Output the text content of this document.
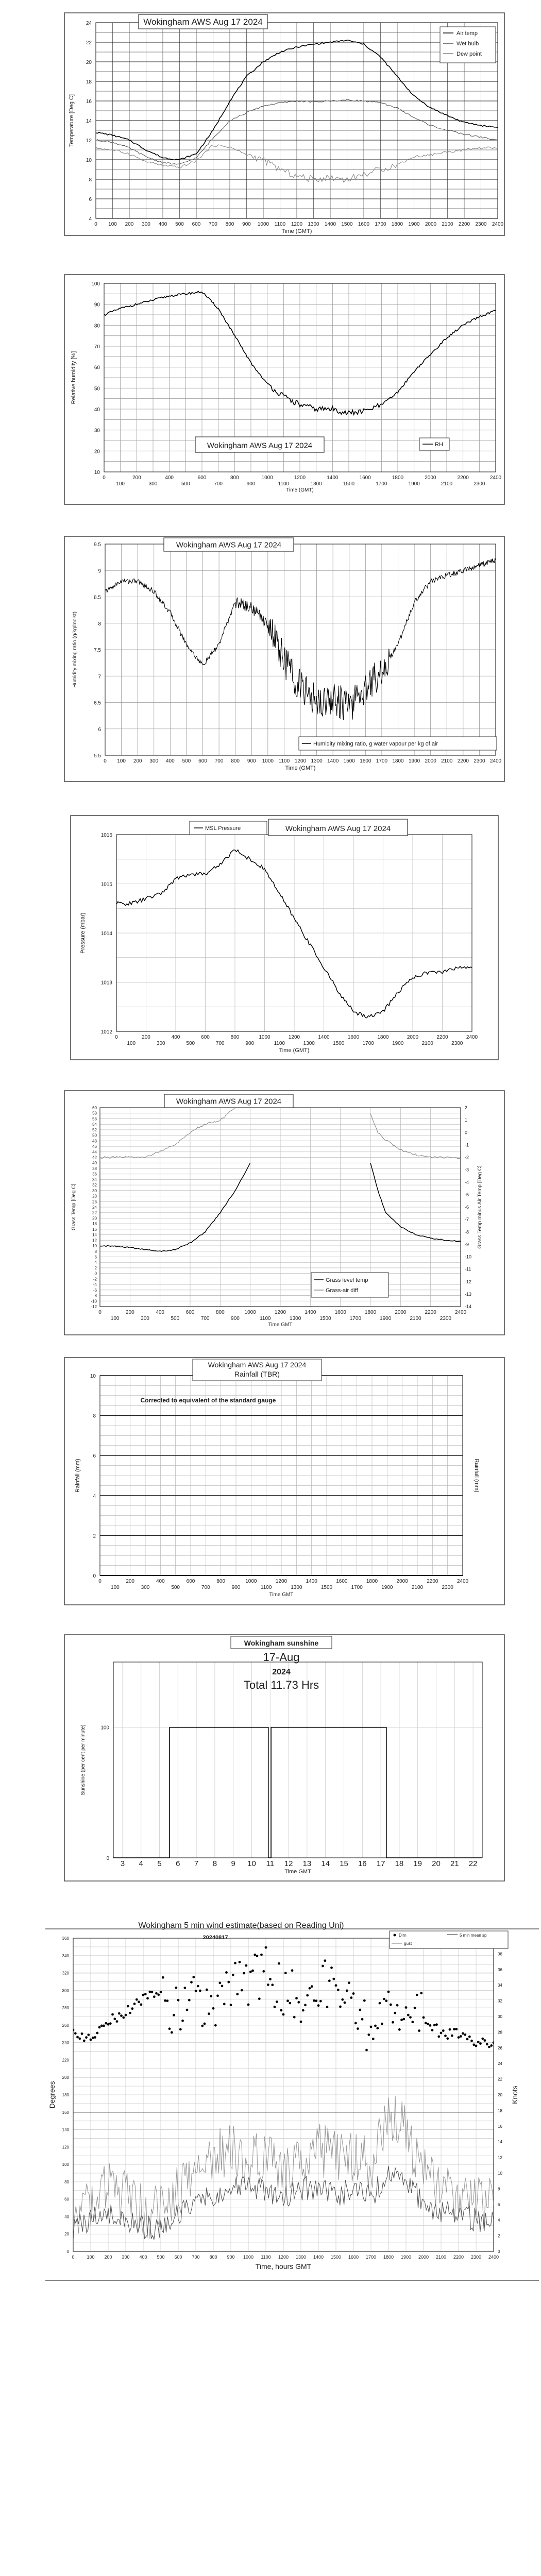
4
6
8
10
12
14
16
18
20
22
24
0 100 200 300 400 500 600 700 800 900 1000 1100 1200 1300 1400 1500 1600 1700 1800 1900 2000 2100 2200 2300 2400
Time (GMT)
Temperature [Deg C]
Wokingham AWS Aug 17 2024
Air temp
Wet bulb
Dew point
10
20
30
40
50
60
70
80
90
100
0	200	400	600	800	1000	1200	1400	1600	1800	2000	2200	2400
100	300	500	700	900	1100	1300	1500	1700	1900	2100	2300
Time (GMT)
Relative humidity [%]
Wokingham AWS Aug 17 2024	RH
5.5
6
6.5
7
7.5
8
8.5
9
9.5
0 100 200 300 400 500 600 700 800 900 1000 1100 1200 1300 1400 1500 1600 1700 1800 1900 2000 2100 2200 2300 2400
Time (GMT)
Humidity mixing ratio (g/kg/moist)
Wokingham AWS Aug 17 2024
Humidity mixing ratio, g water vapour per kg of air
1012
1013
1014
1015
1016
0	200	400	600	800	1000	1200	1400	1600	1800	2000	2200	2400
100	300	500	700	900	1100	1300	1500	1700	1900	2100	2300
Time (GMT)
Pressure (mbar)
MSL Pressure	Wokingham AWS Aug 17 2024
-12
-10
-8
-6
-4
-2
0
2
4
6
8
10
12
14
16
18
20
22
24
26
28
30
32
34
36
38
40
42
44
46
48
50
52
54
56
58
60	2
1
0
-1
-2
-3
-4
-5
-6
-7
-8
-9
-10
-11
-12
-13
-14
0	200	400	600	800	1000	1200	1400	1600	1800	2000	2200	2400
100	300	500	700	900	1100	1300	1500	1700	1900	2100	2300
Time GMT
Grass Temp [Deg C]	Grass Temp minus Air Temp [Deg C]
Wokingham AWS Aug 17 2024
Grass level temp
Grass-air diff
0
2
4
6
8
10
0	200	400	600	800	1000	1200	1400	1600	1800	2000	2200	2400
100	300	500	700	900	1100	1300	1500	1700	1900	2100	2300
Time GMT
Rainfall (mm)	Rainfall (mm)
Wokingham AWS Aug 17 2024
Rainfall (TBR)
Corrected to equivalent of the standard gauge
3 4 5 6 7 8 9 10 11 12 13 14 15 16 17 18 19 20 21 22
0
100
Time GMT
Sunshine (per cent per minute)
Wokingham sunshine
17-Aug
2024
Total 11.73 Hrs
0
20
40
60
80
100
120
140
160
180
200
220
240
260
280
300
320
340
360
0
2
4
6
8
10
12
14
16
18
20
22
24
26
28
30
32
34
36
38
0	100 200 300 400 500 600 700 800 900 1000 1100 1200 1300 1400 1500 1600 1700 1800 1900 2000 2100 2200 2300 2400
Time, hours GMT
Degrees	Knots
Wokingham 5 min wind estimate(based on Reading Uni)
20240817	Dirn	5 min mean sp
gust
